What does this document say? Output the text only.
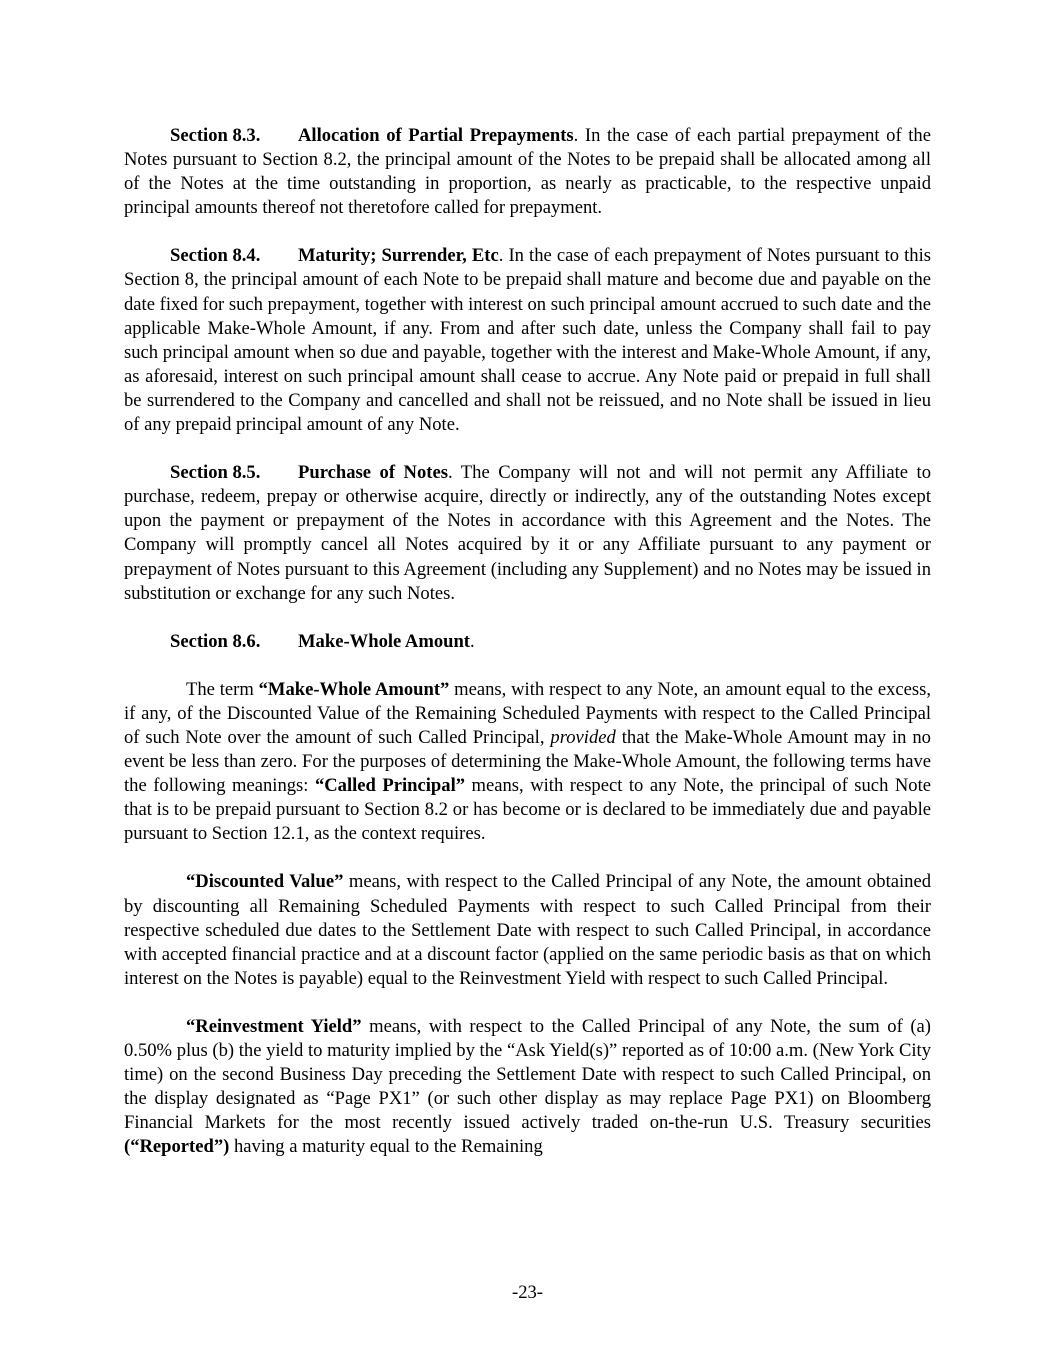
Section 8.3. Allocation of Partial Prepayments. In the case of each partial prepayment of the Notes pursuant to Section 8.2, the principal amount of the Notes to be prepaid shall be allocated among all of the Notes at the time outstanding in proportion, as nearly as practicable, to the respective unpaid principal amounts thereof not theretofore called for prepayment.

Section 8.4. Maturity; Surrender, Etc. In the case of each prepayment of Notes pursuant to this Section 8, the principal amount of each Note to be prepaid shall mature and become due and payable on the date fixed for such prepayment, together with interest on such principal amount accrued to such date and the applicable Make-Whole Amount, if any. From and after such date, unless the Company shall fail to pay such principal amount when so due and payable, together with the interest and Make-Whole Amount, if any, as aforesaid, interest on such principal amount shall cease to accrue. Any Note paid or prepaid in full shall be surrendered to the Company and cancelled and shall not be reissued, and no Note shall be issued in lieu of any prepaid principal amount of any Note.

Section 8.5. Purchase of Notes. The Company will not and will not permit any Affiliate to purchase, redeem, prepay or otherwise acquire, directly or indirectly, any of the outstanding Notes except upon the payment or prepayment of the Notes in accordance with this Agreement and the Notes. The Company will promptly cancel all Notes acquired by it or any Affiliate pursuant to any payment or prepayment of Notes pursuant to this Agreement (including any Supplement) and no Notes may be issued in substitution or exchange for any such Notes.

Section 8.6. Make-Whole Amount.

The term “Make-Whole Amount” means, with respect to any Note, an amount equal to the excess, if any, of the Discounted Value of the Remaining Scheduled Payments with respect to the Called Principal of such Note over the amount of such Called Principal, provided that the Make-Whole Amount may in no event be less than zero. For the purposes of determining the Make-Whole Amount, the following terms have the following meanings: “Called Principal” means, with respect to any Note, the principal of such Note that is to be prepaid pursuant to Section 8.2 or has become or is declared to be immediately due and payable pursuant to Section 12.1, as the context requires.

“Discounted Value” means, with respect to the Called Principal of any Note, the amount obtained by discounting all Remaining Scheduled Payments with respect to such Called Principal from their respective scheduled due dates to the Settlement Date with respect to such Called Principal, in accordance with accepted financial practice and at a discount factor (applied on the same periodic basis as that on which interest on the Notes is payable) equal to the Reinvestment Yield with respect to such Called Principal.

“Reinvestment Yield” means, with respect to the Called Principal of any Note, the sum of (a) 0.50% plus (b) the yield to maturity implied by the “Ask Yield(s)” reported as of 10:00 a.m. (New York City time) on the second Business Day preceding the Settlement Date with respect to such Called Principal, on the display designated as “Page PX1” (or such other display as may replace Page PX1) on Bloomberg Financial Markets for the most recently issued actively traded on-the-run U.S. Treasury securities (“Reported”) having a maturity equal to the Remaining

-23-
